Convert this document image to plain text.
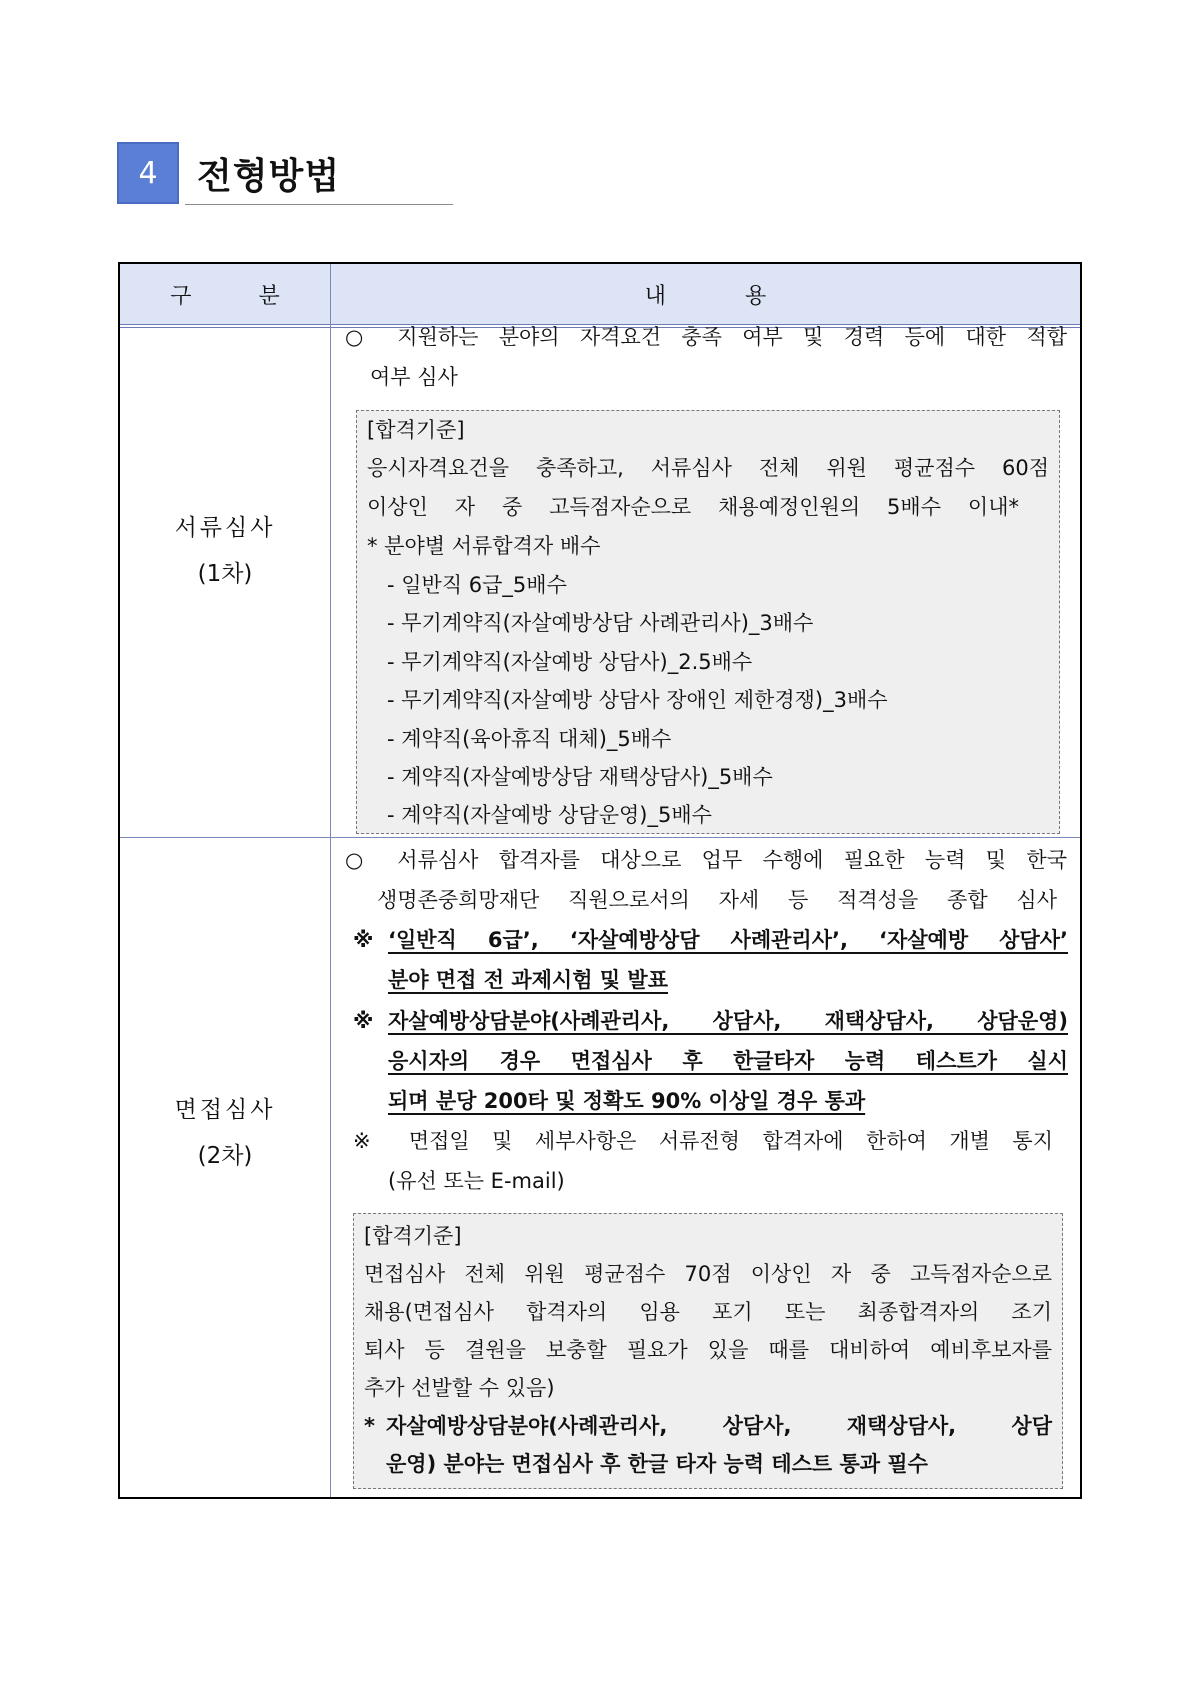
4	전형방법
구 분	내 용
서류심사
(1차)
○ 지원하는 분야의 자격요건 충족 여부 및 경력 등에 대한 적합
여부 심사
[합격기준]
응시자격요건을 충족하고, 서류심사 전체 위원 평균점수 60점
이상인 자 중 고득점자순으로 채용예정인원의 5배수 이내*
* 분야별 서류합격자 배수
- 일반직 6급_5배수
- 무기계약직(자살예방상담 사례관리사)_3배수
- 무기계약직(자살예방 상담사)_2.5배수
- 무기계약직(자살예방 상담사 장애인 제한경쟁)_3배수
- 계약직(육아휴직 대체)_5배수
- 계약직(자살예방상담 재택상담사)_5배수
- 계약직(자살예방 상담운영)_5배수
면접심사
(2차)
○ 서류심사 합격자를 대상으로 업무 수행에 필요한 능력 및 한국
생명존중희망재단 직원으로서의 자세 등 적격성을 종합 심사
※ ‘일반직 6급’, ‘자살예방상담 사례관리사’, ‘자살예방 상담사’
분야 면접 전 과제시험 및 발표
※ 자살예방상담분야(사례관리사, 상담사, 재택상담사, 상담운영)
응시자의 경우 면접심사 후 한글타자 능력 테스트가 실시
되며 분당 200타 및 정확도 90% 이상일 경우 통과
※ 면접일 및 세부사항은 서류전형 합격자에 한하여 개별 통지
(유선 또는 E-mail)
[합격기준]
면접심사 전체 위원 평균점수 70점 이상인 자 중 고득점자순으로
채용(면접심사 합격자의 임용 포기 또는 최종합격자의 조기
퇴사 등 결원을 보충할 필요가 있을 때를 대비하여 예비후보자를
추가 선발할 수 있음)
* 자살예방상담분야(사례관리사, 상담사, 재택상담사, 상담
운영) 분야는 면접심사 후 한글 타자 능력 테스트 통과 필수
